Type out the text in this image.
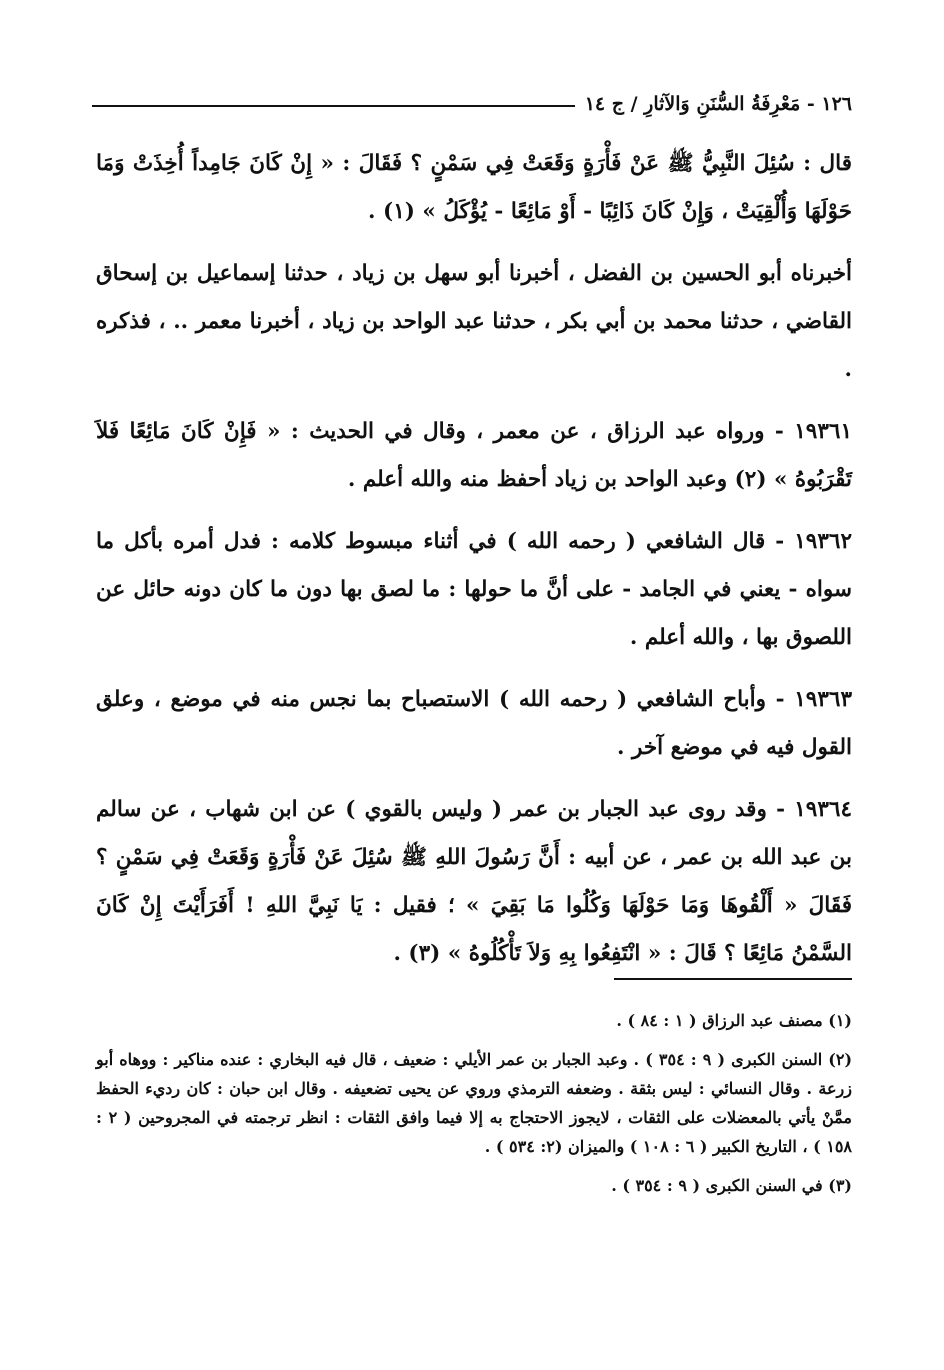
١٢٦ - مَعْرِفَةُ السُّنَنِ وَالآثارِ / ج ١٤

قال : سُئِلَ النَّبِيُّ ﷺ عَنْ فَأْرَةٍ وَقَعَتْ فِي سَمْنٍ ؟ فَقَالَ : « إِنْ كَانَ جَامِداً أُخِذَتْ وَمَا حَوْلَهَا وَأُلْقِيَتْ ، وَإِنْ كَانَ ذَائِبًا - أَوْ مَائِعًا - يُؤْكَلُ » (١) .

أخبرناه أبو الحسين بن الفضل ، أخبرنا أبو سهل بن زياد ، حدثنا إسماعيل بن إسحاق القاضي ، حدثنا محمد بن أبي بكر ، حدثنا عبد الواحد بن زياد ، أخبرنا معمر .. ، فذكره .

١٩٣٦١ - ورواه عبد الرزاق ، عن معمر ، وقال في الحديث : « فَإِنْ كَانَ مَائِعًا فَلاَ تَقْرَبُوهُ » (٢) وعبد الواحد بن زياد أحفظ منه والله أعلم .

١٩٣٦٢ - قال الشافعي ( رحمه الله ) في أثناء مبسوط كلامه : فدل أمره بأكل ما سواه - يعني في الجامد - على أنَّ ما حولها : ما لصق بها دون ما كان دونه حائل عن اللصوق بها ، والله أعلم .

١٩٣٦٣ - وأباح الشافعي ( رحمه الله ) الاستصباح بما نجس منه في موضع ، وعلق القول فيه في موضع آخر .

١٩٣٦٤ - وقد روى عبد الجبار بن عمر ( وليس بالقوي ) عن ابن شهاب ، عن سالم بن عبد الله بن عمر ، عن أبيه : أَنَّ رَسُولَ اللهِ ﷺ سُئِلَ عَنْ فَأْرَةٍ وَقَعَتْ فِي سَمْنٍ ؟ فَقَالَ « أَلْقُوهَا وَمَا حَوْلَهَا وَكُلُوا مَا بَقِيَ » ؛ فقيل : يَا نَبِيَّ اللهِ ! أَفَرَأَيْتَ إِنْ كَانَ السَّمْنُ مَائِعًا ؟ قَالَ : « انْتَفِعُوا بِهِ وَلاَ تَأْكُلُوهُ » (٣) .

(١) مصنف عبد الرزاق ( ١ : ٨٤ ) .

(٢) السنن الكبرى ( ٩ : ٣٥٤ ) . وعبد الجبار بن عمر الأيلي : ضعيف ، قال فيه البخاري : عنده مناكير : ووهاه أبو زرعة . وقال النسائي : ليس بثقة . وضعفه الترمذي وروي عن يحيى تضعيفه . وقال ابن حبان : كان رديء الحفظ ممَّنْ يأتي بالمعضلات على الثقات ، لايجوز الاحتجاج به إلا فيما وافق الثقات : انظر ترجمته في المجروحين ( ٢ : ١٥٨ ) ، التاريخ الكبير ( ٦ : ١٠٨ ) والميزان (٢: ٥٣٤ ) .

(٣) في السنن الكبرى ( ٩ : ٣٥٤ ) .
